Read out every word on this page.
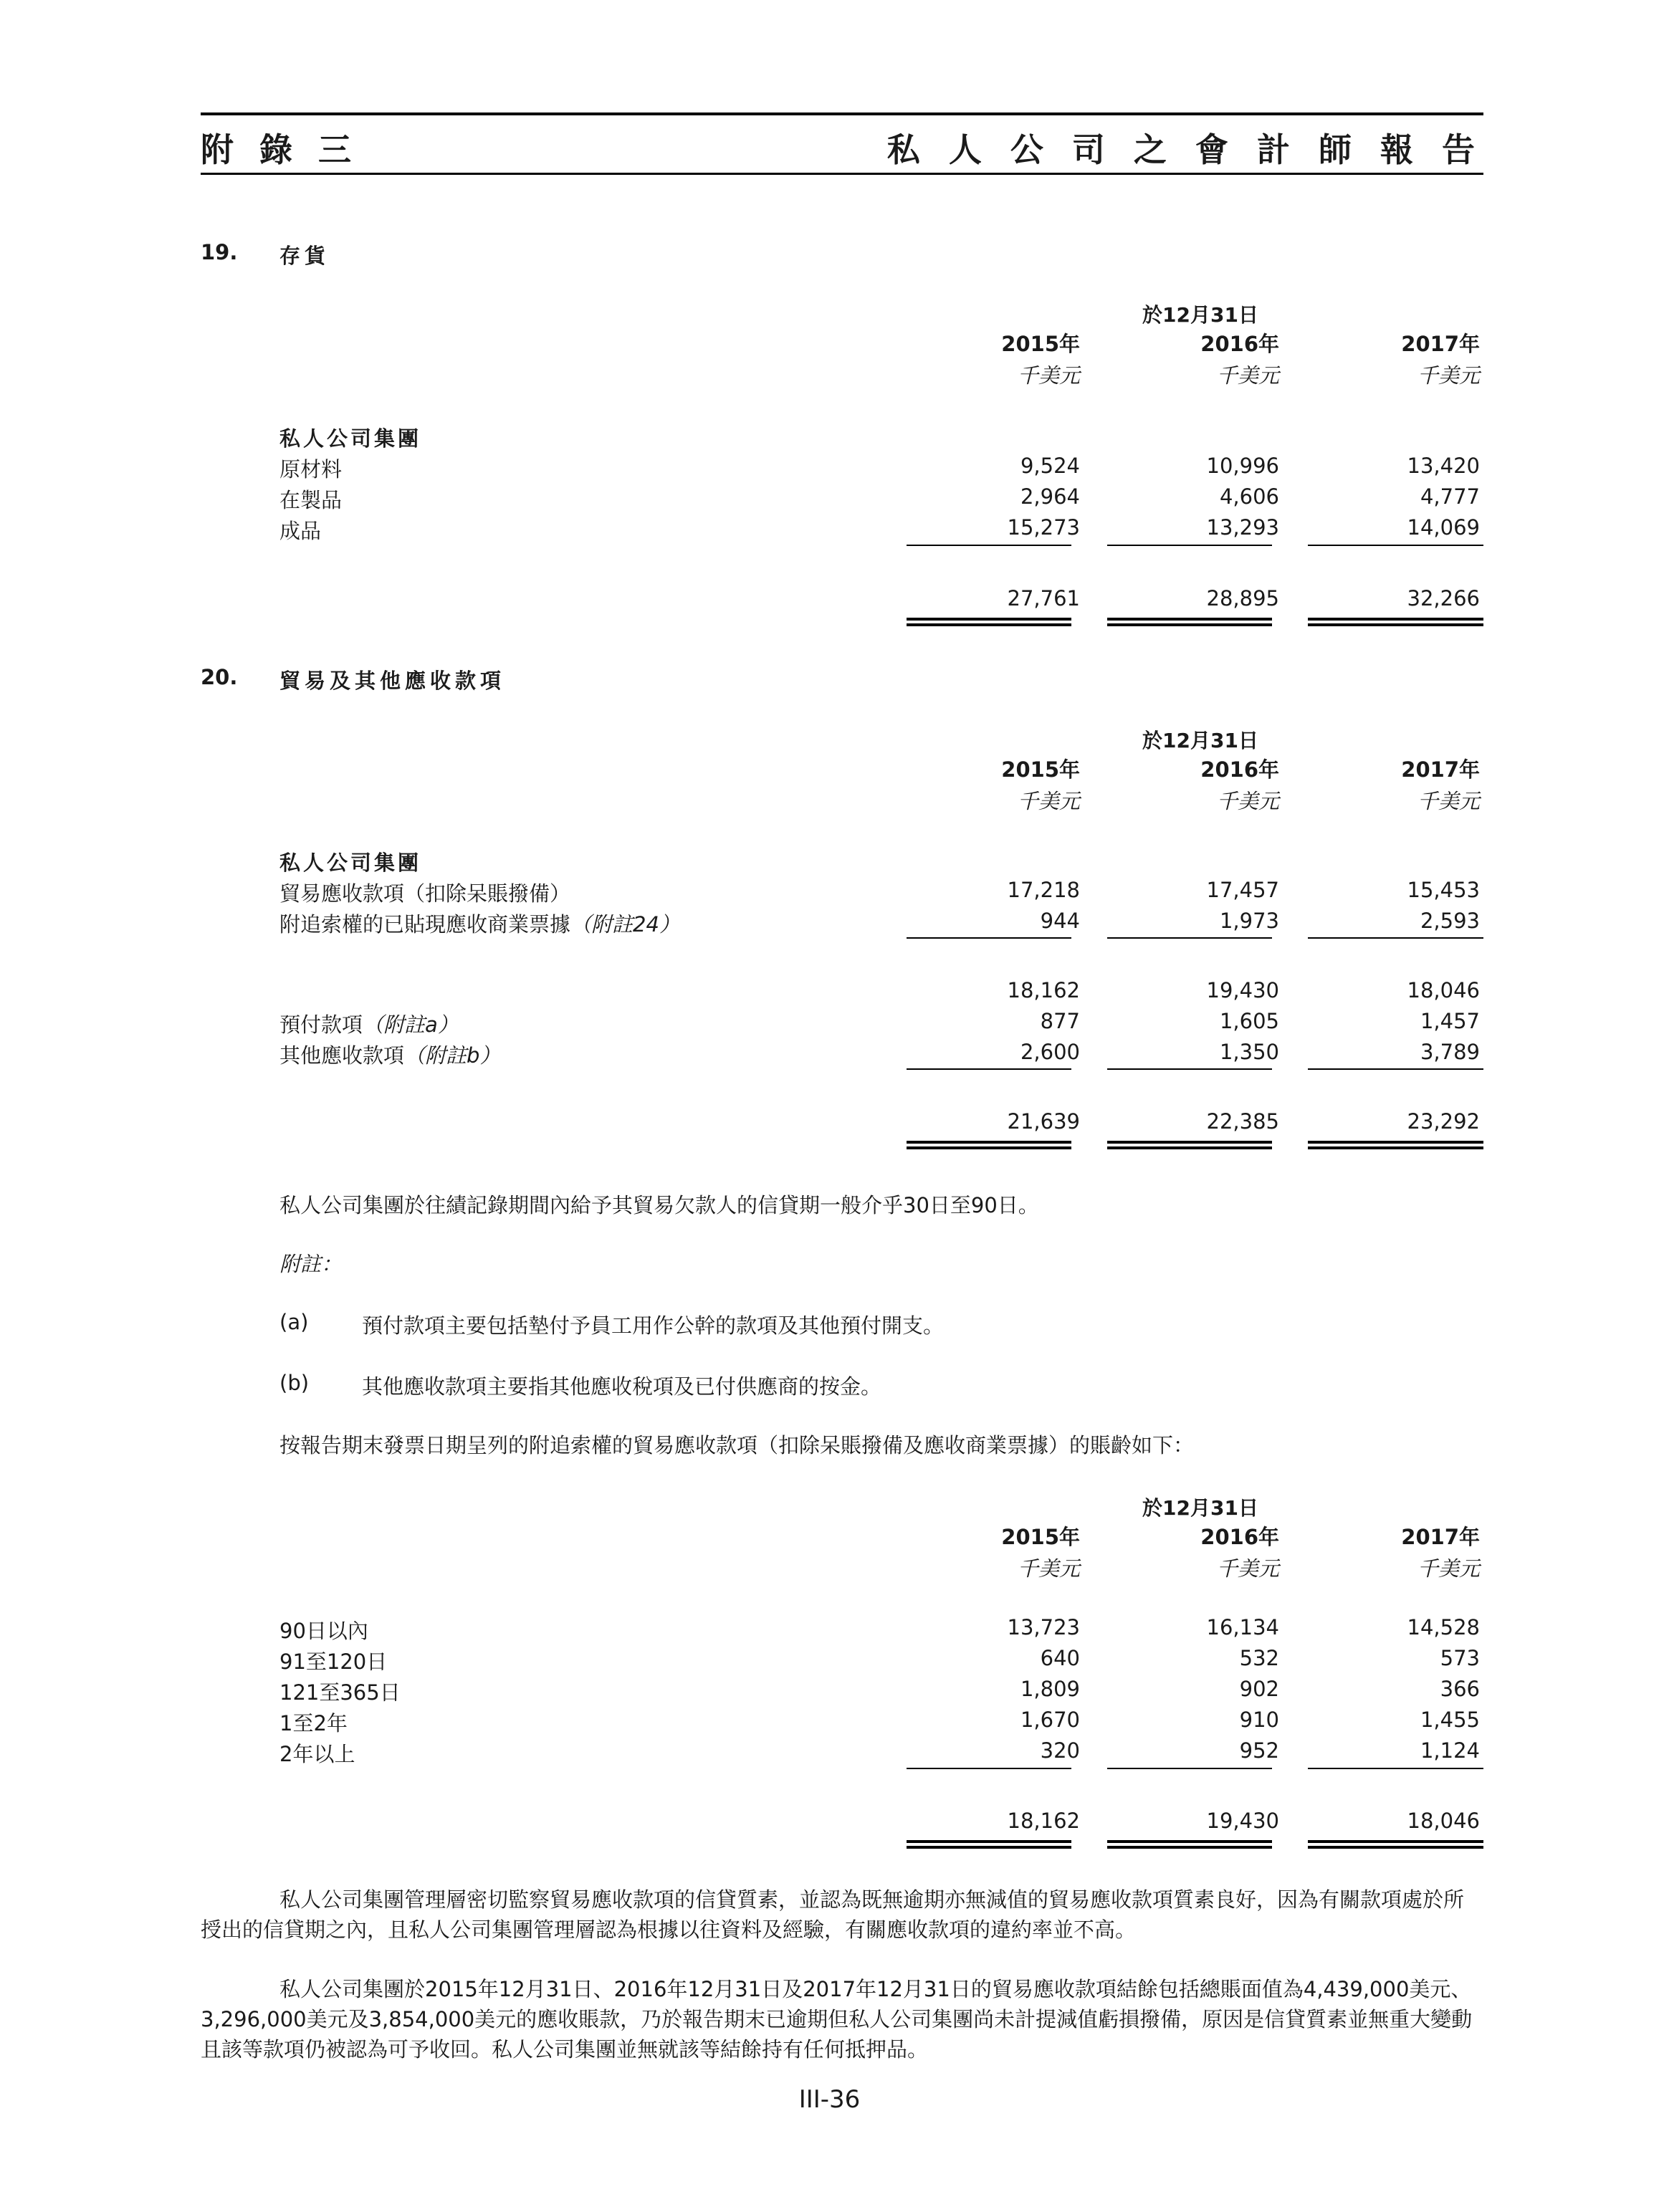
附 錄 三	私 人 公 司 之 會 計 師 報 告
19. 存貨
於12月31日
2015年	2016年	2017年
千美元	千美元	千美元
私人公司集團
原材料	9,524	10,996	13,420
在製品	2,964	4,606	4,777
成品	15,273	13,293	14,069
27,761	28,895	32,266
20. 貿易及其他應收款項
於12月31日
2015年	2016年	2017年
千美元	千美元	千美元
私人公司集團
貿易應收款項（扣除呆賬撥備）	17,218	17,457	15,453
附追索權的已貼現應收商業票據（附註24）	944	1,973	2,593
18,162	19,430	18,046
預付款項（附註a）	877	1,605	1,457
其他應收款項（附註b）	2,600	1,350	3,789
21,639	22,385	23,292
私人公司集團於往績記錄期間內給予其貿易欠款人的信貸期一般介乎30日至90日。
附註：
(a)	預付款項主要包括墊付予員工用作公幹的款項及其他預付開支。
(b)	其他應收款項主要指其他應收稅項及已付供應商的按金。
按報告期末發票日期呈列的附追索權的貿易應收款項（扣除呆賬撥備及應收商業票據）的賬齡如下：
於12月31日
2015年	2016年	2017年
千美元	千美元	千美元
90日以內	13,723	16,134	14,528
91至120日	640	532	573
121至365日	1,809	902	366
1至2年	1,670	910	1,455
2年以上	320	952	1,124
18,162	19,430	18,046
私人公司集團管理層密切監察貿易應收款項的信貸質素，並認為既無逾期亦無減值的貿易應收款項質素良好，因為有關款項處於所授出的信貸期之內，且私人公司集團管理層認為根據以往資料及經驗，有關應收款項的違約率並不高。
私人公司集團於2015年12月31日、2016年12月31日及2017年12月31日的貿易應收款項結餘包括總賬面值為4,439,000美元、3,296,000美元及3,854,000美元的應收賬款，乃於報告期末已逾期但私人公司集團尚未計提減值虧損撥備，原因是信貸質素並無重大變動且該等款項仍被認為可予收回。私人公司集團並無就該等結餘持有任何抵押品。
III-36
